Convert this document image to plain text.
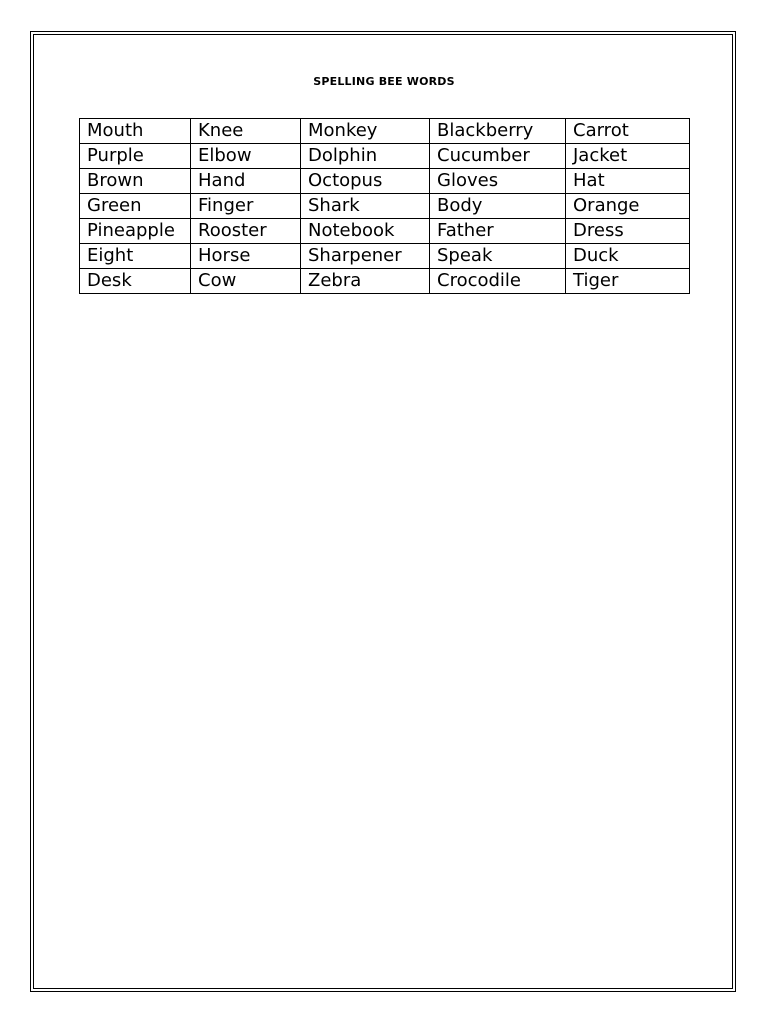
SPELLING BEE WORDS
Mouth	Knee	Monkey	Blackberry	Carrot
Purple	Elbow	Dolphin	Cucumber	Jacket
Brown	Hand	Octopus	Gloves	Hat
Green	Finger	Shark	Body	Orange
Pineapple	Rooster	Notebook	Father	Dress
Eight	Horse	Sharpener	Speak	Duck
Desk	Cow	Zebra	Crocodile	Tiger
